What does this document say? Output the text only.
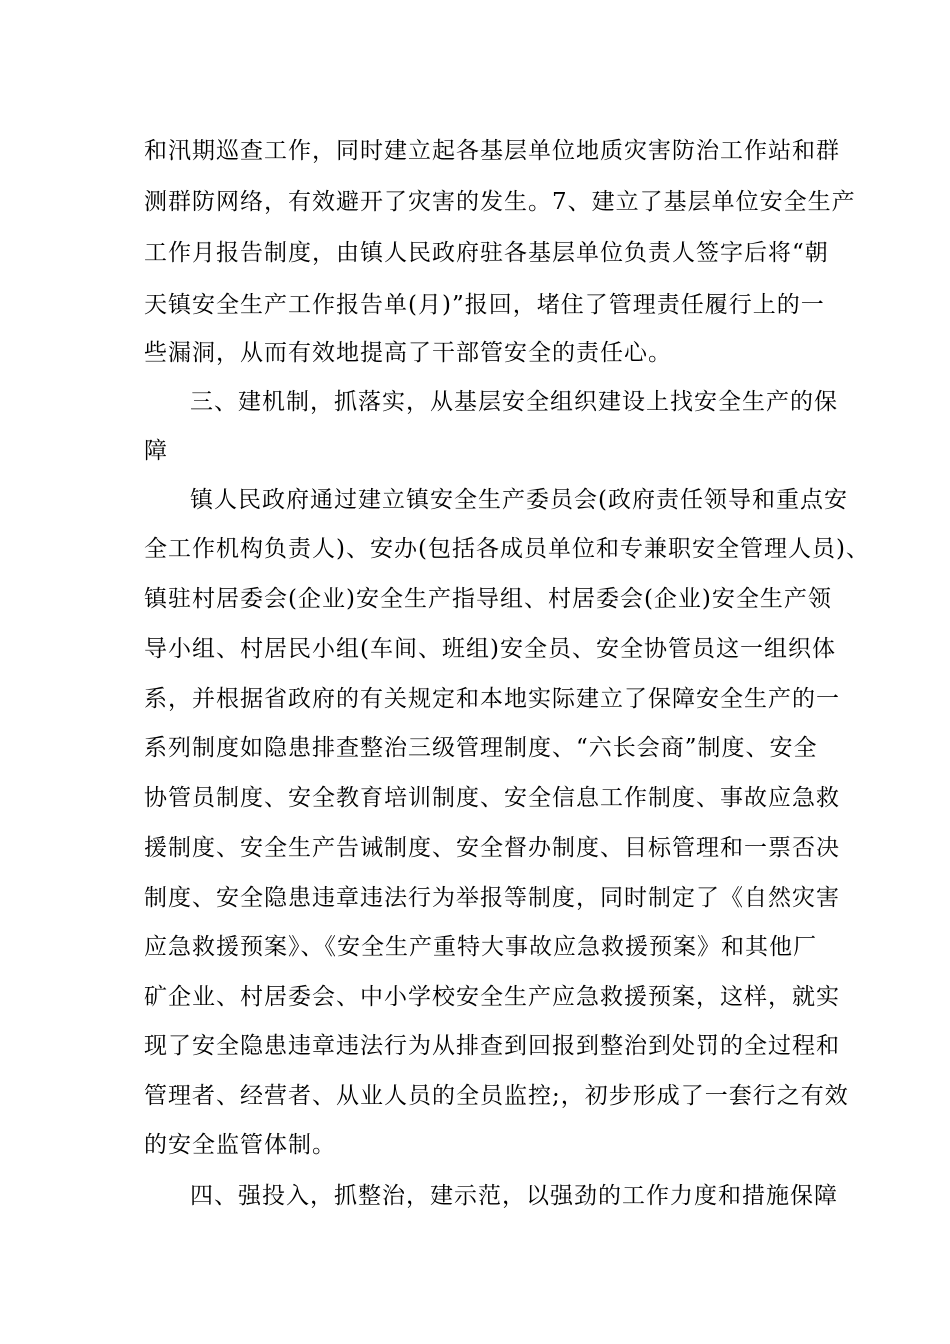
和汛期巡查工作，同时建立起各基层单位地质灾害防治工作站和群
测群防网络，有效避开了灾害的发生。7、建立了基层单位安全生产
工作月报告制度，由镇人民政府驻各基层单位负责人签字后将“朝
天镇安全生产工作报告单(月)”报回，堵住了管理责任履行上的一
些漏洞，从而有效地提高了干部管安全的责任心。
三、建机制，抓落实，从基层安全组织建设上找安全生产的保
障
镇人民政府通过建立镇安全生产委员会(政府责任领导和重点安
全工作机构负责人)、安办(包括各成员单位和专兼职安全管理人员)、
镇驻村居委会(企业)安全生产指导组、村居委会(企业)安全生产领
导小组、村居民小组(车间、班组)安全员、安全协管员这一组织体
系，并根据省政府的有关规定和本地实际建立了保障安全生产的一
系列制度如隐患排查整治三级管理制度、“六长会商”制度、安全
协管员制度、安全教育培训制度、安全信息工作制度、事故应急救
援制度、安全生产告诫制度、安全督办制度、目标管理和一票否决
制度、安全隐患违章违法行为举报等制度，同时制定了《自然灾害
应急救援预案》、《安全生产重特大事故应急救援预案》和其他厂
矿企业、村居委会、中小学校安全生产应急救援预案，这样，就实
现了安全隐患违章违法行为从排查到回报到整治到处罚的全过程和
管理者、经营者、从业人员的全员监控;，初步形成了一套行之有效
的安全监管体制。
四、强投入，抓整治，建示范，以强劲的工作力度和措施保障
